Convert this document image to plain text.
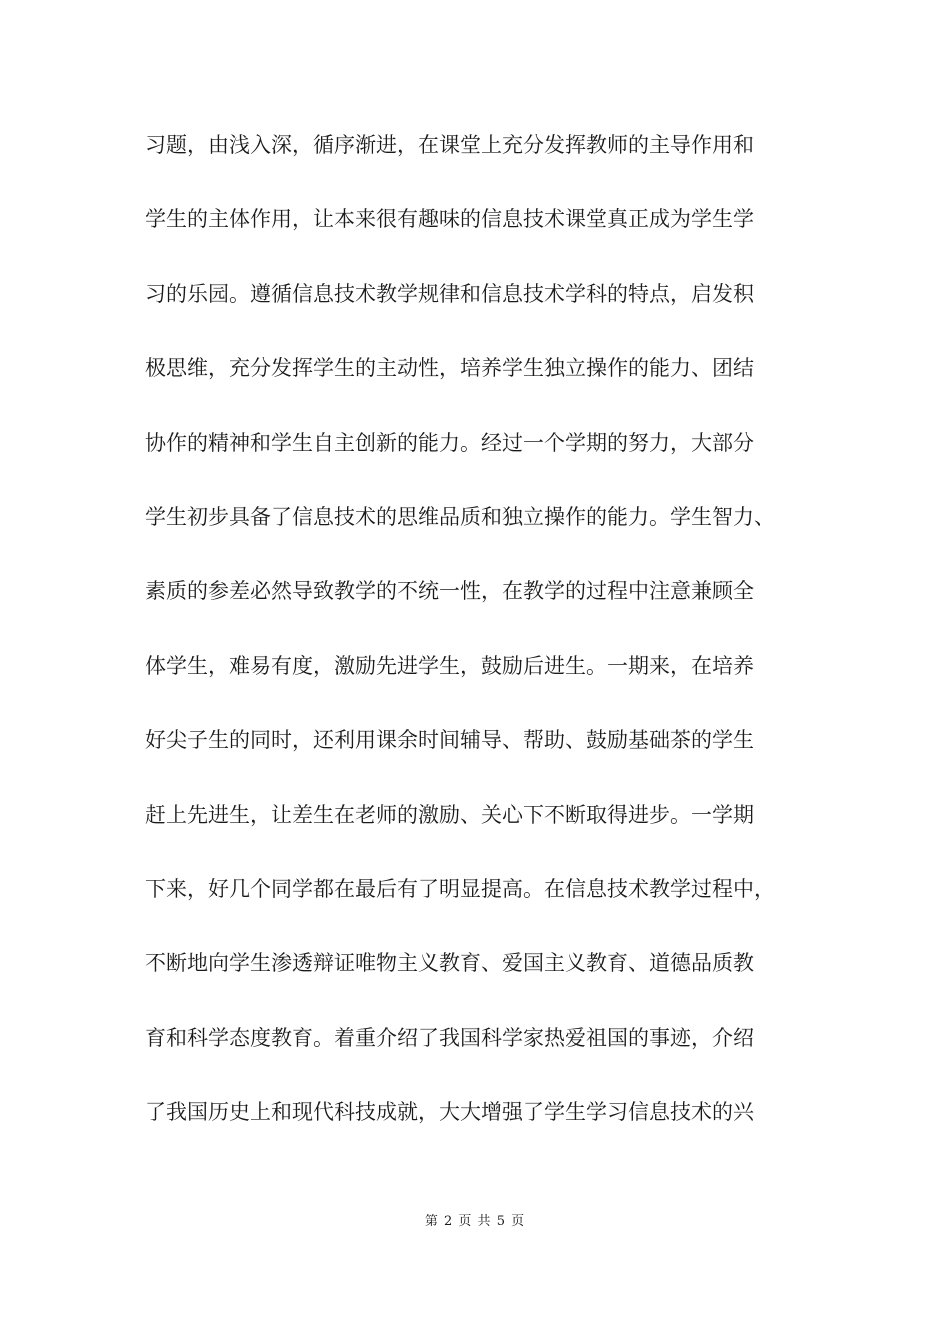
习题，由浅入深，循序渐进，在课堂上充分发挥教师的主导作用和
学生的主体作用，让本来很有趣味的信息技术课堂真正成为学生学
习的乐园。遵循信息技术教学规律和信息技术学科的特点，启发积
极思维，充分发挥学生的主动性，培养学生独立操作的能力、团结
协作的精神和学生自主创新的能力。经过一个学期的努力，大部分
学生初步具备了信息技术的思维品质和独立操作的能力。学生智力、
素质的参差必然导致教学的不统一性，在教学的过程中注意兼顾全
体学生，难易有度，激励先进学生，鼓励后进生。一期来，在培养
好尖子生的同时，还利用课余时间辅导、帮助、鼓励基础茶的学生
赶上先进生，让差生在老师的激励、关心下不断取得进步。一学期
下来，好几个同学都在最后有了明显提高。在信息技术教学过程中，
不断地向学生渗透辩证唯物主义教育、爱国主义教育、道德品质教
育和科学态度教育。着重介绍了我国科学家热爱祖国的事迹，介绍
了我国历史上和现代科技成就，大大增强了学生学习信息技术的兴
第 2 页 共 5 页
